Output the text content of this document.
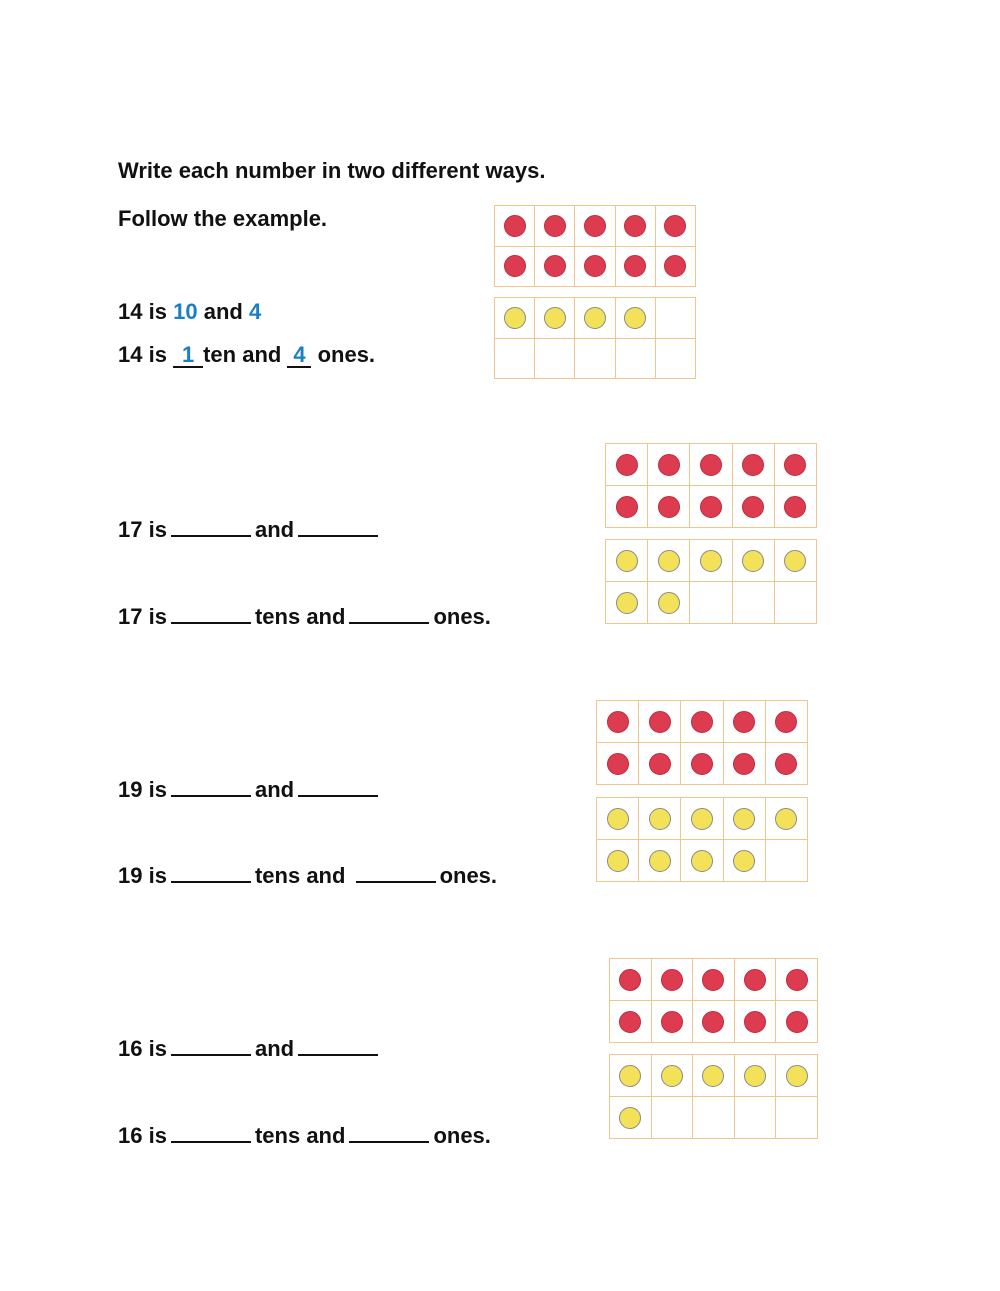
Write each number in two different ways.
Follow the example.
14 is 10 and 4
14 is 1 ten and 4 ones.
17 is	and
17 is	tens and	ones.
19 is	and
19 is	tens and	ones.
16 is	and
16 is	tens and	ones.
